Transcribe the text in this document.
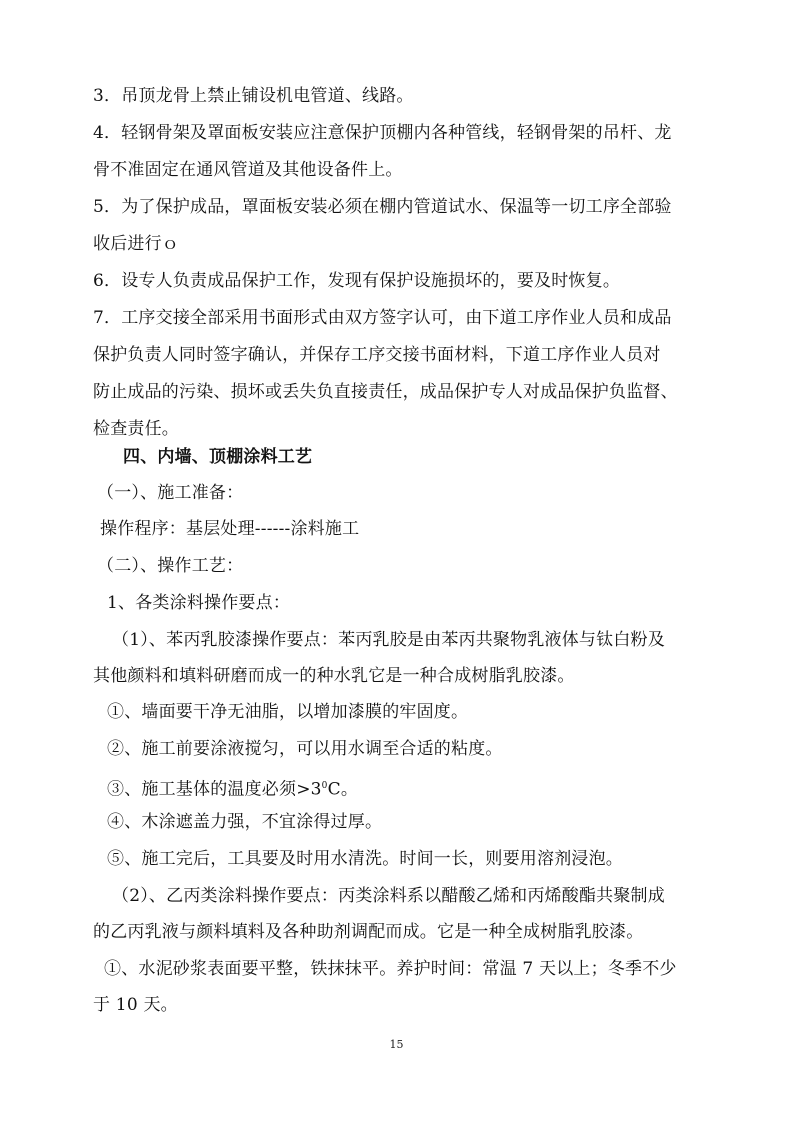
3．吊顶龙骨上禁止铺设机电管道、线路。
4．轻钢骨架及罩面板安装应注意保护顶棚内各种管线，轻钢骨架的吊杆、龙
骨不准固定在通风管道及其他设备件上。
5．为了保护成品，罩面板安装必须在棚内管道试水、保温等一切工序全部验
收后进行ｏ
6．设专人负责成品保护工作，发现有保护设施损坏的，要及时恢复。
7．工序交接全部采用书面形式由双方签字认可，由下道工序作业人员和成品
保护负责人同时签字确认，并保存工序交接书面材料，下道工序作业人员对
防止成品的污染、损坏或丢失负直接责任，成品保护专人对成品保护负监督、
检查责任。
四、内墙、顶棚涂料工艺
（一）、施工准备：
操作程序：基层处理------涂料施工
（二）、操作工艺：
1、各类涂料操作要点：
（1）、苯丙乳胶漆操作要点：苯丙乳胶是由苯丙共聚物乳液体与钛白粉及
其他颜料和填料研磨而成一的种水乳它是一种合成树脂乳胶漆。
①、墙面要干净无油脂，以增加漆膜的牢固度。
②、施工前要涂液搅匀，可以用水调至合适的粘度。
③、施工基体的温度必须$>3^0C$。
④、木涂遮盖力强，不宜涂得过厚。
⑤、施工完后，工具要及时用水清洗。时间一长，则要用溶剂浸泡。
（2）、乙丙类涂料操作要点：丙类涂料系以醋酸乙烯和丙烯酸酯共聚制成
的乙丙乳液与颜料填料及各种助剂调配而成。它是一种全成树脂乳胶漆。
①、水泥砂浆表面要平整，铁抹抹平。养护时间：常温 7 天以上；冬季不少
于 10 天。
15
